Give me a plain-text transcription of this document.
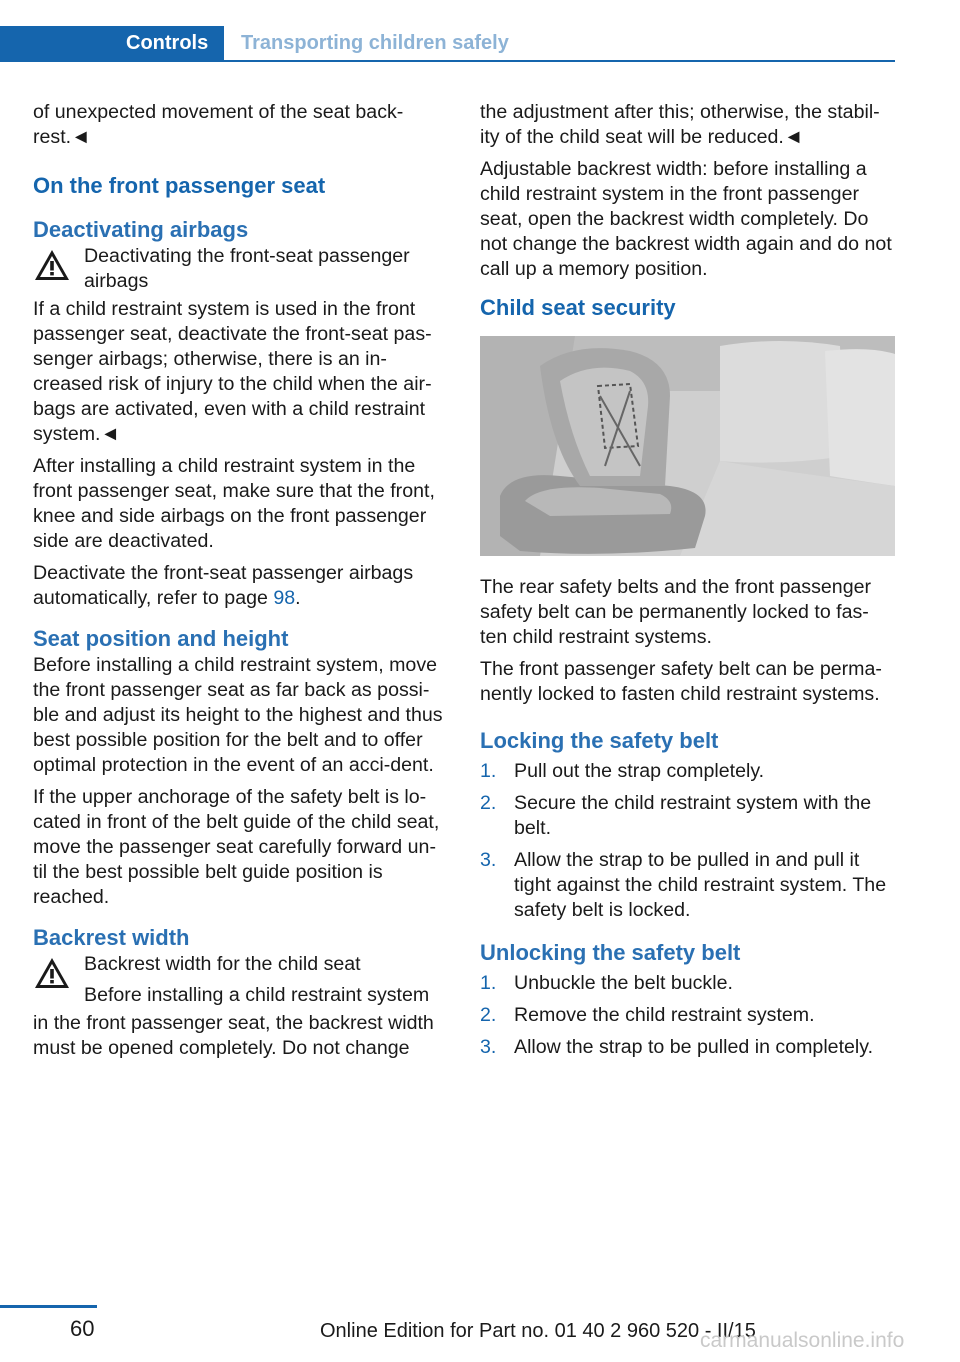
Controls	Transporting children safely

of unexpected movement of the seat back-rest.◄

On the front passenger seat
Deactivating airbags
Deactivating the front-seat passenger airbags

If a child restraint system is used in the front passenger seat, deactivate the front-seat pas-senger airbags; otherwise, there is an in-creased risk of injury to the child when the air-bags are activated, even with a child restraint system.◄

After installing a child restraint system in the front passenger seat, make sure that the front, knee and side airbags on the front passenger side are deactivated.

Deactivate the front-seat passenger airbags automatically, refer to page 98.

Seat position and height

Before installing a child restraint system, move the front passenger seat as far back as possi-ble and adjust its height to the highest and thus best possible position for the belt and to offer optimal protection in the event of an acci-dent.

If the upper anchorage of the safety belt is lo-cated in front of the belt guide of the child seat, move the passenger seat carefully forward un-til the best possible belt guide position is reached.

Backrest width
Backrest width for the child seat
Before installing a child restraint system

in the front passenger seat, the backrest width must be opened completely. Do not change

the adjustment after this; otherwise, the stabil-ity of the child seat will be reduced.◄

Adjustable backrest width: before installing a child restraint system in the front passenger seat, open the backrest width completely. Do not change the backrest width again and do not call up a memory position.

Child seat security

The rear safety belts and the front passenger safety belt can be permanently locked to fas-ten child restraint systems.

The front passenger safety belt can be perma-nently locked to fasten child restraint systems.

Locking the safety belt
1. Pull out the strap completely.
2. Secure the child restraint system with the belt.
3. Allow the strap to be pulled in and pull it tight against the child restraint system. The safety belt is locked.
Unlocking the safety belt
1. Unbuckle the belt buckle.
2. Remove the child restraint system.
3. Allow the strap to be pulled in completely.
60	Online Edition for Part no. 01 40 2 960 520 - II/15
carmanualsonline.info
